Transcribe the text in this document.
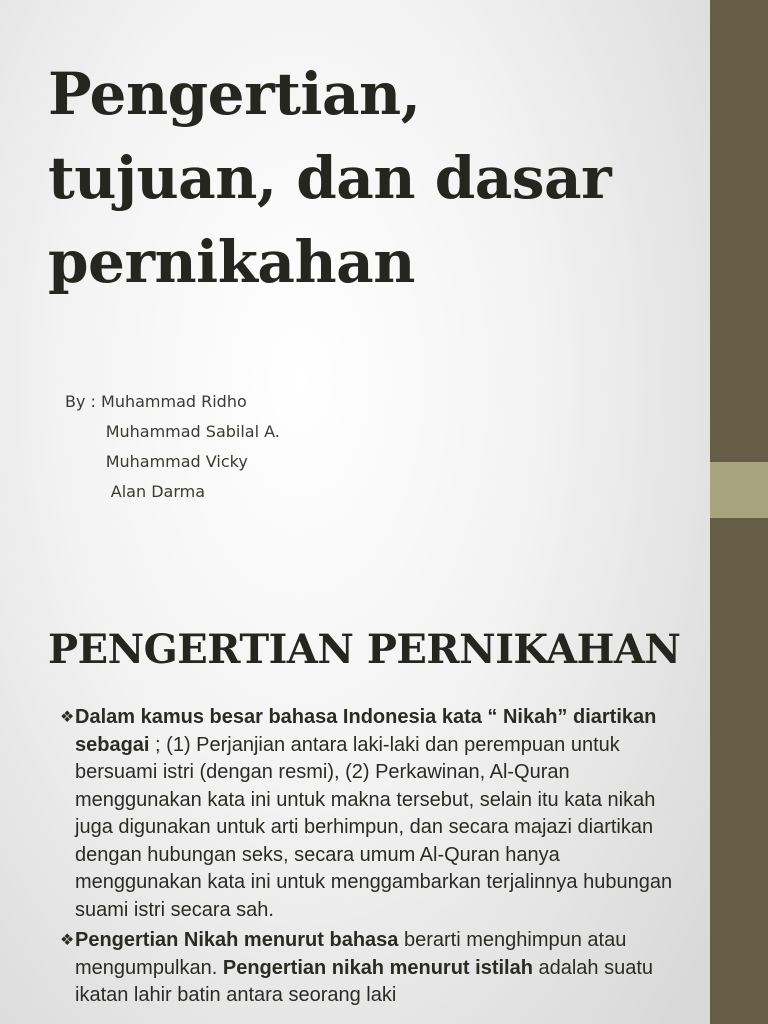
Pengertian, tujuan, dan dasar pernikahan
By : Muhammad Ridho
Muhammad Sabilal A.
Muhammad Vicky
Alan Darma
PENGERTIAN PERNIKAHAN

❖ Dalam kamus besar bahasa Indonesia kata “ Nikah” diartikan sebagai ; (1) Perjanjian antara laki-laki dan perempuan untuk bersuami istri (dengan resmi), (2) Perkawinan, Al-Quran menggunakan kata ini untuk makna tersebut, selain itu kata nikah juga digunakan untuk arti berhimpun, dan secara majazi diartikan dengan hubungan seks, secara umum Al-Quran hanya menggunakan kata ini untuk menggambarkan terjalinnya hubungan suami istri secara sah.

❖ Pengertian Nikah menurut bahasa berarti menghimpun atau mengumpulkan. Pengertian nikah menurut istilah adalah suatu ikatan lahir batin antara seorang laki
